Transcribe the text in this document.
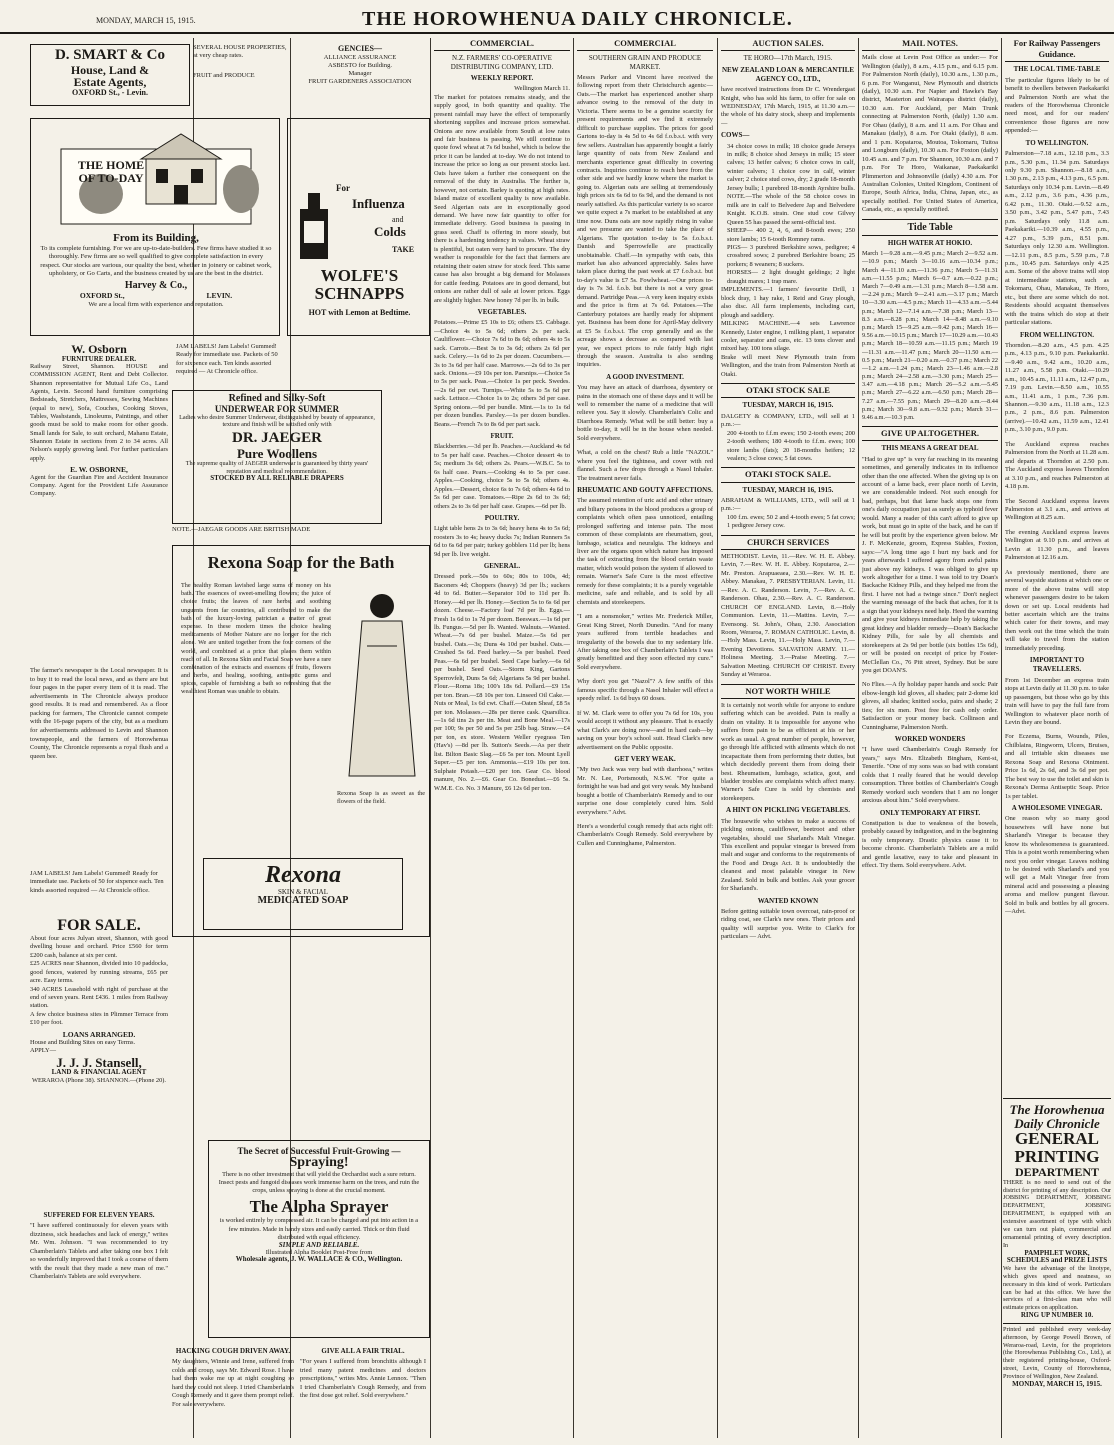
MONDAY, MARCH 15, 1915.	THE HOROWHENUA DAILY CHRONICLE.
D. SMART & Co
House, Land &
Estate Agents,
OXFORD St., - Levin.
SEVERAL HOUSE PROPERTIES, at very cheap rates.
FRUIT and PRODUCE
GENCIES—
ALLIANCE ASSURANCE
ASBESTO for Building.
Manager
FRUIT GARDENERS ASSOCIATION
THE HOME OF TO-DAY
From its Building,
To its complete furnishing. For we are up-to-date-builders. Few firms have studied it so thoroughly. Few firms are so well qualified to give complete satisfaction in every respect. Our stocks are various, our quality the best, whether in joinery or cabinet work, upholstery, or Go Carts, and the business created by us are the best in the district.
Harvey & Co.,
OXFORD St.,	LEVIN.
We are a local firm with experience and reputation.
For
Influenza
and
Colds
TAKE
WOLFE'S SCHNAPPS
HOT with Lemon at Bedtime.
W. Osborn
FURNITURE DEALER.
Railway Street, Shannon. HOUSE and COMMISSION AGENT, Rent and Debt Collector. Shannon representative for Mutual Life Co., Land Agents, Levin. Second hand furniture comprising Bedsteads, Stretchers, Mattresses, Sewing Machines (equal to new), Sofa, Couches, Cooking Stoves, Tables, Washstands, Linoleums, Paintings, and other goods must be sold to make room for other goods. Small lands for Sale, to suit orchard, Mahanu Estate, Shannon Estate in sections from 2 to 34 acres. All Nelson's supply growing land. For further particulars apply.
E. W. OSBORNE,
Agent for the Guardian Fire and Accident Insurance Company. Agent for the Provident Life Assurance Company.
JAM LABELS! Jam Labels! Gummed! Ready for immediate use. Packets of 50 for sixpence each. Ten kinds assorted required — At Chronicle office.
Refined and Silky-Soft
UNDERWEAR FOR SUMMER
Ladies who desire Summer Underwear, distinguished by beauty of appearance, texture and finish will be satisfied only with
DR. JAEGER
Pure Woollens
The supreme quality of JAEGER underwear is guaranteed by thirty years' reputation and medical recommendation.
STOCKED BY ALL RELIABLE DRAPERS
NOTE.—JAEGAR GOODS ARE BRITISH MADE
The farmer's newspaper is the Local newspaper. It is to buy it to read the local news, and as there are but four pages in the paper every item of it is read. The advertisements in The Chronicle always produce good results. It is read and remembered. As a floor packing for farmers, The Chronicle cannot compete with the 16-page papers of the city, but as a medium for advertisements addressed to Levin and Shannon townspeople, and the farmers of Horowhenua County, The Chronicle represents a royal flush and a queen bee.
JAM LABELS! Jam Labels! Gummed! Ready for immediate use. Packets of 50 for sixpence each. Ten kinds assorted required — At Chronicle office.
Rexona Soap for the Bath
The healthy Roman lavished large sums of money on his bath. The essences of sweet-smelling flowers; the juice of choice fruits; the leaves of rare herbs; and soothing unguents from far countries, all contributed to make the bath of the luxury-loving patrician a matter of great expense. In these modern times the choice healing medicaments of Mother Nature are no longer for the rich alone. We are united together from the four corners of the world, and combined at a price that places them within reach of all. In Rexona Skin and Facial Soap we have a rare combination of the extracts and essences of fruits, flowers and herbs, and healing, soothing, antiseptic gums and spices, capable of furnishing a bath so refreshing that the wealthiest Roman was unable to obtain.
Rexona Soap is as sweet as the flowers of the field.
Rexona
SKIN & FACIAL
MEDICATED SOAP
FOR SALE.
About four acres Julyan street, Shannon, with good dwelling house and orchard. Price £560 for term £200 cash, balance at six per cent.
£25 ACRES near Shannon, divided into 10 paddocks, good fences, watered by running streams, £65 per acre. Easy terms.
340 ACRES Leasehold with right of purchase at the end of seven years. Rent £436. 1 miles from Railway station.
A few choice business sites in Plimmer Terrace from £10 per foot.
LOANS ARRANGED.
House and Building Sites on easy Terms.
APPLY—
J. J. J. Stansell,
LAND & FINANCIAL AGENT
WERAROA (Phone 38). SHANNON.—(Phone 20).
The Secret of Successful Fruit-Growing —
Spraying!
There is no other investment that will yield the Orchardist such a sure return. Insect pests and fungoid diseases work immense harm on the trees, and ruin the crops, unless spraying is done at the crucial moment.
The Alpha Sprayer
is worked entirely by compressed air. It can be charged and put into action in a few minutes. Made in handy sizes and easily carried. Thick or thin fluid distributed with equal efficiency.
SIMPLE AND RELIABLE.
Illustrated Alpha Booklet Post-Free from
Wholesale agents, J. W. WALLACE & CO., Wellington.
SUFFERED FOR ELEVEN YEARS.
"I have suffered continuously for eleven years with dizziness, sick headaches and lack of energy," writes Mr. Wm. Johnson. "I was recommended to try Chamberlain's Tablets and after taking one box I felt so wonderfully improved that I took a course of them with the result that they made a new man of me." Chamberlain's Tablets are sold everywhere.
HACKING COUGH DRIVEN AWAY.
My daughters, Winnie and Irene, suffered from colds and croup, says Mr. Edward Rose. I have had them wake me up at night coughing so hard they could not sleep. I tried Chamberlain's Cough Remedy and it gave them prompt relief. For sale everywhere.
GIVE ALL A FAIR TRIAL.
"For years I suffered from bronchitis although I tried many patent medicines and doctors prescriptions," writes Mrs. Annie Lennox. "Then I tried Chamberlain's Cough Remedy, and from the first dose got relief. Sold everywhere."
COMMERCIAL.
N.Z. FARMERS' CO-OPERATIVE DISTRIBUTING COMPANY, LTD.
WEEKLY REPORT.
Wellington March 11.
The market for potatoes remains steady, and the supply good, in both quantity and quality. The present rainfall may have the effect of temporarily shortening supplies and increase prices somewhat. Onions are now available from South at low rates and fair business is passing. We still continue to quote fowl wheat at 7s 6d bushel, which is below the price it can be landed at to-day. We do not intend to increase the price so long as our present stocks last. Oats have taken a further rise consequent on the removal of the duty in Australia. The further is, however, not certain. Barley is quoting at high rates. Island maize of excellent quality is now available. Seed Algerian oats are in exceptionally good demand. We have now fair quantity to offer for immediate delivery. Good business is passing in grass seed. Chaff is offering in more steady, but there is a hardening tendency in values. Wheat straw is plentiful, but oaten very hard to procure. The dry weather is responsible for the fact that farmers are retaining their oaten straw for stock feed. This same cause has also brought a big demand for Molasses for cattle feeding. Potatoes are in good demand, but onions are rather dull of sale at lower prices. Eggs are slightly higher. New honey 7d per lb. in bulk.
VEGETABLES.
Potatoes.—Prime £5 10s to £6; others £5. Cabbage.—Choice 4s to 5s 6d; others 2s per sack. Cauliflower.—Choice 7s 6d to 8s 6d; others 4s to 5s sack. Carrots.—Best 3s to 3s 6d; others 2s 6d per sack. Celery.—1s 6d to 2s per dozen. Cucumbers.—3s to 3s 6d per half case. Marrows.—2s 6d to 3s per sack. Onions.—£9 10s per ton. Parsnips.—Choice 5s to 5s per sack. Peas.—Choice 1s per peck. Swedes.—2s 6d per cwt. Turnips.—White 5s to 5s 6d per sack. Lettuce.—Choice 1s to 2s; others 3d per case. Spring onions.—9d per bundle. Mint.—1s to 1s 6d per dozen bundles. Parsley.—1s per dozen bundles. Beans.—French 7s to 8s 6d per part sack.
FRUIT.
Blackberries.—3d per lb. Peaches.—Auckland 4s 6d to 5s per half case. Peaches.—Choice dessert 4s to 5s; medium 3s 6d; others 2s. Pears.—W.B.C. 5s to 6s half case. Pears.—Cooking 4s to 5s per case. Apples.—Cooking, choice 5s to 5s 6d; others 4s. Apples.—Dessert, choice 6s to 7s 6d; others 4s 6d to 5s 6d per case. Tomatoes.—Ripe 2s 6d to 3s 6d; others 2s to 3s 6d per half case. Grapes.—6d per lb.
POULTRY.
Light table hens 2s to 3s 6d; heavy hens 4s to 5s 6d; roosters 3s to 4s; heavy ducks 7s; Indian Runners 5s 6d to 6s 6d per pair; turkey gobblers 11d per lb; hens 9d per lb. live weight.
GENERAL.
Dressed pork.—50s to 60s; 80s to 100s, 4d; Baconers 4d; Choppers (heavy) 3d per lb.; suckers 4d to 6d. Butter.—Separator 10d to 11d per lb. Honey.—4d per lb. Honey.—Section 5s to 6s 6d per dozen. Cheese.—Factory loaf 7d per lb. Eggs.—Fresh 1s 6d to 1s 7d per dozen. Beeswax.—1s 6d per lb. Fungus.—5d per lb. Wanted. Walnuts.—Wanted. Wheat.—7s 6d per bushel. Maize.—5s 6d per bushel. Oats.—3s; Duns 4s 10d per bushel. Oats.—Crushed 5s 6d. Feed barley.—5s per bushel. Feed Peas.—6s 6d per bushel. Seed Cape barley.—6s 6d per bushel. Seed Oats.—Storm King, Gartons Sperrovfelt, Duns 5s 6d; Algerians 5s 9d per bushel. Flour.—Roma 18s; 100's 18s 6d. Pollard.—£9 15s per ton. Bran.—£8 10s per ton. Linseed Oil Cake.—Nuts or Meal, 1s 6d cwt. Chaff.—Oaten Sheaf, £8 5s per ton. Molasses.—28s per tieree cask. Quarsilica.—1s 6d tins 2s per tin. Meat and Bone Meal.—17s per 100; 9s per 50 and 5s per 25lb bag. Straw.—£4 per ton, ex store. Western Weller ryegrass Ten (Hav's) —8d per lb. Sutton's Seeds.—As per their list. Bilton Basic Slag.—£6 5s per ton. Mount Lyell Super.—£5 per ton. Ammonia.—£19 10s per ton. Sulphate Potash.—£20 per ton. Gear Co. blood manure, No. 2.—£6. Gear Co. Bonedust.—£6 5s. W.M.E. Co. No. 3 Manure, £6 12s 6d per ton.
COMMERCIAL
SOUTHERN GRAIN AND PRODUCE MARKET.
Messrs Parker and Vincent have received the following report from their Christchurch agents:— Oats.—The market has experienced another sharp advance owing to the removal of the duty in Victoria. There seems to be a genuine scarcity for present requirements and we find it extremely difficult to purchase supplies. The prices for good Gartons to-day is 4s 5d to 4s 6d f.o.b.s.t. with very few sellers. Australian has apparently bought a fairly large quantity of oats from New Zealand and merchants experience great difficulty in covering contracts. Inquiries continue to reach here from the other side and we hardly know where the market is going to. Algerian oats are selling at tremendously high prices six 6s 6d to 6s 9d, and the demand is not nearly satisfied. As this particular variety is so scarce we quite expect a 7s market to be established at any time now. Duns oats are now rapidly rising in value and we presume are wanted to take the place of Algerians. The quotation to-day is 5s f.o.b.s.t. Danish and Sperrowfelle are practically unobtainable. Chaff.—In sympathy with oats, this market has also advanced appreciably. Sales have taken place during the past week at £7 f.o.b.s.t. but to-day's value is £7 5s. Fowlwheat.—Our prices to-day is 7s 3d. f.o.b. but there is not a very great demand. Partridge Peas.—A very keen inquiry exists and the price is firm at 7s 6d. Potatoes.—The Canterbury potatoes are hardly ready for shipment yet. Business has been done for April-May delivery at £5 5s f.o.b.s.t. The crop generally and as the acreage shows a decrease as compared with last year, we expect prices to rule fairly high right through the season. Australia is also sending inquiries.
A GOOD INVESTMENT.
You may have an attack of diarrhoea, dysentery or pains in the stomach one of these days and it will be well to remember the name of a medicine that will relieve you. Say it slowly. Chamberlain's Colic and Diarrhoea Remedy. What will be still better: buy a bottle to-day, it will be in the house when needed. Sold everywhere.
What, a cold on the chest? Rub a little "NAZOL" where you feel the tightness, and cover with red flannel. Such a few drops through a Nasol Inhaler. The treatment never fails.
RHEUMATIC AND GOUTY AFFECTIONS.
The assumed retention of uric acid and other urinary and biliary poisons in the blood produces a group of complaints which often pass unnoticed, entailing prolonged suffering and intense pain. The most common of these complaints are rheumatism, gout, lumbago, sciatica and neuralgia. The kidneys and liver are the organs upon which nature has imposed the task of extracting from the blood certain waste matter, which would poison the system if allowed to remain. Warner's Safe Cure is the most effective remedy for these complaints; it is a purely vegetable medicine, safe and reliable, and is sold by all chemists and storekeepers.
"I am a nonsmoker," writes Mr. Frederick Miller, Great King Street, North Dunedin. "And for many years suffered from terrible headaches and irregularity of the bowels due to my sedentary life. After taking one box of Chamberlain's Tablets I was greatly benefitted and they soon effected my cure." Sold everywhere.
Why don't you get "Nazol"? A few sniffs of this famous specific through a Nasol Inhaler will effect a speedy relief. 1s 6d buys 60 doses.
If W. M. Clark were to offer you 7s 6d for 10s, you would accept it without any pleasure. That is exactly what Clark's are doing now—and in hard cash—by saving on your boy's school suit. Head Clark's new advertisement on the Public opposite.
GET VERY WEAK.
"My two Jack was very bad with diarrhoea," writes Mr. N. Lee, Portsmouth, N.S.W. "For quite a fortnight he was bad and got very weak. My husband bought a bottle of Chamberlain's Remedy and to our surprise one dose completely cured him. Sold everywhere." Advt.
Here's a wonderful cough remedy that acts right off: Chamberlain's Cough Remedy. Sold everywhere by Cullen and Cunninghame, Palmerston.
AUCTION SALES.
TE HORO—17th March, 1915.
NEW ZEALAND LOAN & MERCANTILE AGENCY CO., LTD.,
have received instructions from Dr C. Wrendergast Knight, who has sold his farm, to offer for sale on WEDNESDAY, 17th March, 1915, at 11.30 a.m.—the whole of his dairy stock, sheep and implements—
COWS—
34 choice cows in milk; 18 choice grade Jerseys in milk; 8 choice shod Jerseys in milk; 15 steer calves; 13 heifer calves; 6 choice cows in calf, winter calvers; 1 choice cow in calf, winter calver; 2 choice stud cows, dry; 2 grade 18-month Jersey bulls; 1 purebred 18-month Ayrshire bulls. NOTE.—The whole of the 58 choice cows in milk are in calf to Belvedere Jap and Belvedere Knight. K.O.B. strain. One stud cow Gilvey Queen 55 has passed the semi-official test.
SHEEP— 400 2, 4, 6, and 8-tooth ewes; 250 store lambs; 15 6-tooth Romney rams.
PIGS— 3 purebred Berkshire sows, pedigree; 4 crossbred sows; 2 purebred Berkshire boars; 25 porkers; 8 weaners; 8 suckers.
HORSES— 2 light draught geldings; 2 light draught mares; 1 trap mare.
IMPLEMENTS.—1 farmers' favourite Drill, 1 block dray, 1 hay rake, 1 Reid and Gray plough, also disc. All farm implements, including cart, plough and saddlery.
MILKING MACHINE.—4 sets Lawrence Kennedy, Lister engine, 1 milking plant, 1 separator cooler, separator and cans, etc. 13 tons clover and mixed hay. 100 tons silage.
Brake will meet New Plymouth train from Wellington, and the train from Palmerston North at Otaki.
OTAKI STOCK SALE
TUESDAY, MARCH 16, 1915.
DALGETY & COMPANY, LTD., will sell at 1 p.m.:—
200 4-tooth to f.f.m ewes; 150 2-tooth ewes; 200 2-tooth wethers; 180 4-tooth to f.f.m. ewes; 100 store lambs (fats); 20 18-months heifers; 12 vealers; 3 close cows; 5 fat cows.
OTAKI STOCK SALE.
TUESDAY, MARCH 16, 1915.
ABRAHAM & WILLIAMS, LTD., will sell at 1 p.m.:—
100 f.m. ewes; 50 2 and 4-tooth ewes; 5 fat cows; 1 pedigree Jersey cow.
CHURCH SERVICES
METHODIST. Levin, 11.—Rev. W. H. E. Abbey. Levin, 7.—Rev. W. H. E. Abbey. Koputaroa, 2.—Mr. Preston. Arapuaeaea, 2.30.—Rev. W. H. E. Abbey. Manakau, 7. PRESBYTERIAN. Levin, 11.—Rev. A. C. Randerson. Levin, 7.—Rev. A. C. Randerson. Ohau, 2.30.—Rev. A. C. Randerson. CHURCH OF ENGLAND. Levin, 8.—Holy Communion. Levin, 11.—Mattins. Levin, 7.—Evensong. St. John's, Ohau, 2.30. Association Room, Weraroa, 7. ROMAN CATHOLIC. Levin, 8.—Holy Mass. Levin, 11.—Holy Mass. Levin, 7.—Evening Devotions. SALVATION ARMY. 11.—Holiness Meeting. 3.—Praise Meeting. 7.—Salvation Meeting. CHURCH OF CHRIST. Every Sunday at Weraroa.
NOT WORTH WHILE
It is certainly not worth while for anyone to endure suffering which can be avoided. Pain is really a drain on vitality. It is impossible for anyone who suffers from pain to be as efficient at his or her work as usual. A great number of people, however, go through life afflicted with ailments which do not incapacitate them from performing their duties, but which decidedly prevent them from doing their best. Rheumatism, lumbago, sciatica, gout, and bladder troubles are complaints which affect many. Warner's Safe Cure is sold by chemists and storekeepers.
A HINT ON PICKLING VEGETABLES.
The housewife who wishes to make a success of pickling onions, cauliflower, beetroot and other vegetables, should use Sharland's Malt Vinegar. This excellent and popular vinegar is brewed from malt and sugar and conforms to the requirements of the Food and Drugs Act. It is undoubtedly the cleanest and most palatable vinegar in New Zealand. Sold in bulk and bottles. Ask your grocer for Sharland's.
WANTED KNOWN
Before getting suitable town overcoat, rain-proof or riding coat, see Clark's new ones. Their prices and quality will surprise you. Write to Clark's for particulars — Advt.
MAIL NOTES.
Mails close at Levin Post Office as under:— For Wellington (daily), 8 a.m., 4.15 p.m., and 6.15 p.m. For Palmerston North (daily), 10.30 a.m., 1.30 p.m., 6 p.m. For Wanganui, New Plymouth and districts (daily), 10.30 a.m. For Napier and Hawke's Bay district, Masterton and Wairarapa district (daily), 10.30 a.m. For Auckland, per Main Trunk connecting at Palmerston North, (daily) 1.30 a.m. For Ohau (daily), 8 a.m. and 11 a.m. For Ohau and Manakau (daily), 8 a.m. For Otaki (daily), 8 a.m. and 1 p.m. Kopataroa, Moutoa, Tokomaru, Tuitoa and Longburn (daily), 10.30 a.m. For Foxton (daily) 10.45 a.m. and 7 p.m. For Shannon, 10.30 a.m. and 7 p.m. For Te Horo, Waikanae, Paekakariki Plimmerton and Johnsonville (daily) 4.30 a.m. For Australian Colonies, United Kingdom, Continent of Europe, South Africa, India, China, Japan, etc., as specially notified. For United States of America, Canada, etc., as specially notified.
Tide Table
HIGH WATER AT HOKIO.
March 1—9.28 a.m.—9.45 p.m.; March 2—9.52 a.m.—10.9 p.m.; March 3—10.16 a.m.—10.34 p.m.; March 4—11.10 a.m.—11.36 p.m.; March 5—11.31 a.m.—11.55 p.m.; March 6—0.7 a.m.—0.22 p.m.; March 7—0.49 a.m.—1.31 p.m.; March 8—1.58 a.m.—2.24 p.m.; March 9—2.41 a.m.—3.17 p.m.; March 10—3.30 a.m.—4.5 p.m.; March 11—4.33 a.m.—5.44 p.m.; March 12—7.14 a.m.—7.38 p.m.; March 13—8.3 a.m.—8.28 p.m.; March 14—8.48 a.m.—9.10 p.m.; March 15—9.25 a.m.—9.42 p.m.; March 16—9.56 a.m.—10.15 p.m.; March 17—10.29 a.m.—10.43 p.m.; March 18—10.59 a.m.—11.15 p.m.; March 19—11.31 a.m.—11.47 p.m.; March 20—11.50 a.m.—0.5 p.m.; March 21—0.20 a.m.—0.37 p.m.; March 22—1.2 a.m.—1.24 p.m.; March 23—1.46 a.m.—2.8 p.m.; March 24—2.58 a.m.—3.30 p.m.; March 25—3.47 a.m.—4.18 p.m.; March 26—5.2 a.m.—5.45 p.m.; March 27—6.22 a.m.—6.50 p.m.; March 28—7.27 a.m.—7.55 p.m.; March 29—8.20 a.m.—8.44 p.m.; March 30—9.8 a.m.—9.32 p.m.; March 31—9.46 a.m.—10.3 p.m.
GIVE UP ALTOGETHER.
THIS MEANS A GREAT DEAL
"Had to give up" is very far reaching in its meaning sometimes, and generally indicates in its influence other than the one affected. When the giving up is on account of a lame back, ever place north of Levin, we are considerable indeed. Not such enough for bad, perhaps, but that lame back stops one from one's daily occupation just as surely as typhoid fever would. Many a reader of this can't afford to give up work, but must go in spite of the back, and he can if he will but profit by the experience given below. Mr J. F. McKenzie, groom, Express Stables, Foxton, says:—"A long time ago I hurt my back and for years afterwards I suffered agony from awful pains just above my kidneys. I was obliged to give up work altogether for a time. I was told to try Doan's Backache Kidney Pills, and they helped me from the first. I have not had a twinge since." Don't neglect the warning message of the back that aches, for it is a sign that your kidneys need help. Heed the warning and give your kidneys immediate help by taking the great kidney and bladder remedy—Doan's Backache Kidney Pills, for sale by all chemists and storekeepers at 2s 9d per bottle (six bottles 15s 6d), or will be posted on receipt of price by Foster-McClellan Co., 76 Pitt street, Sydney. But be sure you get DOAN'S.
No Flies.—A fly holiday paper hands and sock: Pair elbow-length kid gloves, all shades; pair 2-dome kid gloves, all shades; knitted socks, pairs and shade; 2 ties; for six men. Post free for cash only order. Satisfaction or your money back. Collinson and Cunninghame, Palmerston North.
WORKED WONDERS
"I have used Chamberlain's Cough Remedy for years," says Mrs. Elizabeth Bingham, Kent-st, Tenerife. "One of my sons was so bad with constant colds that I really feared that he would develop consumption. Three bottles of Chamberlain's Cough Remedy worked such wonders that I am no longer anxious about him." Sold everywhere.
ONLY TEMPORARY AT FIRST.
Constipation is due to weakness of the bowels, probably caused by indigestion, and in the beginning is only temporary. Drastic physics cause it to become chronic. Chamberlain's Tablets are a mild and gentle laxative, easy to take and pleasant in effect. Try them. Sold everywhere. Advt.
For Railway Passengers Guidance.
THE LOCAL TIME-TABLE
The particular figures likely to be of benefit to dwellers between Paekakariki and Palmerston North are what the readers of the Horowhenua Chronicle need most, and for our readers' convenience those figures are now appended:—
TO WELLINGTON.
Palmerston—7.18 a.m., 12.18 p.m., 3.3 p.m., 5.30 p.m., 11.34 p.m. Saturdays only 9.30 p.m. Shannon.—8.18 a.m., 1.30 p.m., 2.13 p.m., 4.13 p.m., 6.5 p.m. Saturdays only 10.34 p.m. Levin.—8.49 a.m., 2.12 p.m., 3.6 p.m., 4.36 p.m., 6.42 p.m., 11.30. Otaki.—9.52 a.m., 3.50 p.m., 3.42 p.m., 5.47 p.m., 7.43 p.m. Saturdays only 11.8 a.m. Paekakariki.—10.39 a.m., 4.55 p.m., 4.27 p.m., 5.39 p.m., 8.51 p.m. Saturdays only 12.30 a.m. Wellington.—12.11 p.m., 8.5 p.m., 5.59 p.m., 7.8 p.m., 10.45 p.m. Saturdays only 4.25 a.m. Some of the above trains will stop at intermediate stations, such as Tokomaru, Ohau, Manakau, Te Horo, etc., but there are some which do not. Residents should acquaint themselves with the trains which do stop at their particular stations.
FROM WELLINGTON.
Thorndon.—8.20 a.m., 4.5 p.m. 4.25 p.m., 4.13 p.m., 9.10 p.m. Paekakariki.—9.40 a.m., 9.42 a.m., 10.20 a.m., 11.27 a.m., 5.58 p.m. Otaki.—10.29 a.m., 10.45 a.m., 11.11 a.m., 12.47 p.m., 7.19 p.m. Levin.—8.50 a.m., 10.55 a.m., 11.41 a.m., 1 p.m., 7.36 p.m. Shannon.—9.30 a.m., 11.18 a.m., 12.3 p.m., 2 p.m., 8.6 p.m. Palmerston (arrive).—10.42 a.m., 11.59 a.m., 12.41 p.m., 3.10 p.m., 9.0 p.m.
The Auckland express reaches Palmerston from the North at 11.28 a.m. and departs at Thorndon at 2.50 p.m. The Auckland express leaves Thorndon at 3.10 p.m., and reaches Palmerston at 4.18 p.m.
The Second Auckland express leaves Palmerston at 3.1 a.m., and arrives at Wellington at 8.25 a.m.
The evening Auckland express leaves Wellington at 9.10 p.m. and arrives at Levin at 11.30 p.m., and leaves Palmerston at 12.16 a.m.
As previously mentioned, there are several wayside stations at which one or more of the above trains will stop whenever passengers desire to be taken down or set up. Local residents had better ascertain which are the trains which cater for their towns, and may then work out the time which the train will take to travel from the station immediately preceding.
IMPORTANT TO TRAVELLERS.
From 1st December an express train stops at Levin daily at 11.30 p.m. to take up passengers, but those who go by this train will have to pay the full fare from Wellington to whatever place north of Levin they are bound.
For Eczema, Burns, Wounds, Piles, Chilblains, Ringworm, Ulcers, Bruises, and all irritable skin diseases use Rexona Soap and Rexona Ointment. Price 1s 6d, 2s 6d, and 3s 6d per pot. The best way to use the toilet and skin is Rexona's Derma Antiseptic Soap. Price 1s per tablet.
A WHOLESOME VINEGAR.
One reason why so many good housewives will have none but Sharland's Vinegar is because they know its wholesomeness is guaranteed. This is a point worth remembering when next you order vinegar. Leaves nothing to be desired with Sharland's and you will get a Malt Vinegar free from mineral acid and possessing a pleasing aroma and mellow pungent flavour. Sold in bulk and bottles by all grocers.—Advt.
The Horowhenua Daily Chronicle
GENERAL
PRINTING
DEPARTMENT
THERE is no need to send out of the district for printing of any description. Our JOBBING DEPARTMENT, JOBBING DEPARTMENT, JOBBING DEPARTMENT, is equipped with an extensive assortment of type with which we can turn out plain, commercial and ornamental printing of every description. In
PAMPHLET WORK, SCHEDULES and PRIZE LISTS
We have the advantage of the linotype, which gives speed and neatness, so necessary in this kind of work. Particulars can be had at this office. We have the services of a first-class man who will estimate prices on application.
RING UP NUMBER 10.
Printed and published every week-day afternoon, by George Powell Brown, of Weraroa-road, Levin, for the proprietors (the Horowhenua Publishing Co., Ltd.), at their registered printing-house, Oxford-street, Levin, County of Horowhenua, Province of Wellington, New Zealand.
MONDAY, MARCH 15, 1915.
